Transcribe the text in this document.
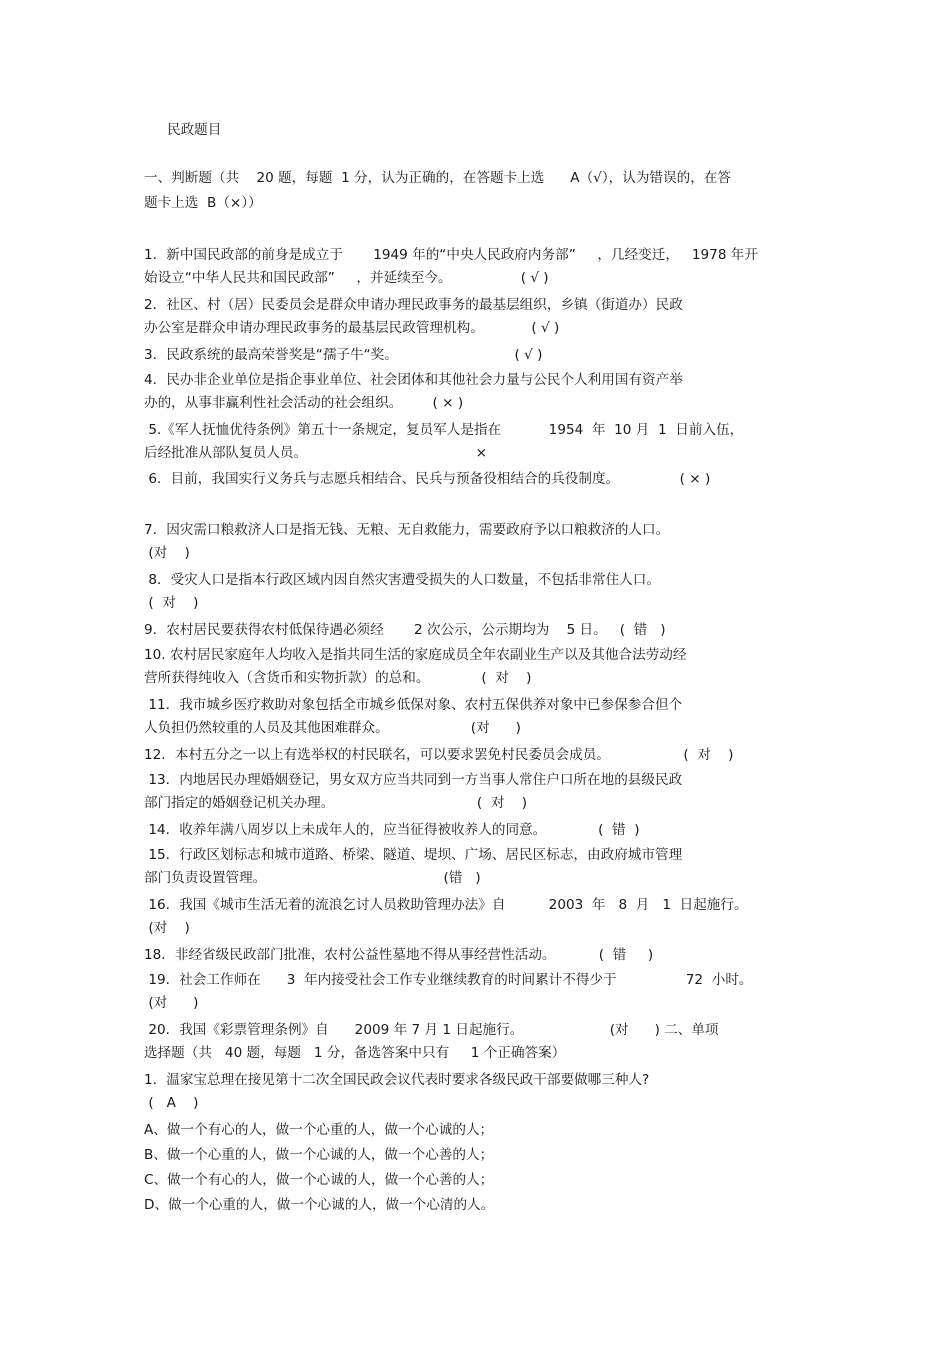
民政题目
一、判断题（共    20 题，每题  1 分，认为正确的，在答题卡上选      A（√），认为错误的，在答
题卡上选  B（×））
1．新中国民政部的前身是成立于       1949 年的“中央人民政府内务部”     ，几经变迁，   1978 年开
始设立“中华人民共和国民政部”     ，并延续至今。                ( √ )
2．社区、村（居）民委员会是群众申请办理民政事务的最基层组织，乡镇（街道办）民政
办公室是群众申请办理民政事务的最基层民政管理机构。           ( √ )
3．民政系统的最高荣誉奖是“孺子牛“奖。                           ( √ )
4．民办非企业单位是指企事业单位、社会团体和其他社会力量与公民个人利用国有资产举
办的，从事非赢利性社会活动的社会组织。       ( × )
5.《军人抚恤优待条例》第五十一条规定，复员军人是指在           1954  年  10 月  1  日前入伍，
后经批准从部队复员人员。                                       ×
6．目前，我国实行义务兵与志愿兵相结合、民兵与预备役相结合的兵役制度。              ( × )
7．因灾需口粮救济人口是指无钱、无粮、无自救能力，需要政府予以口粮救济的人口。
(对    )
8．受灾人口是指本行政区域内因自然灾害遭受损失的人口数量，不包括非常住人口。
(  对    )
9．农村居民要获得农村低保待遇必须经       2 次公示，公示期均为    5 日。   (  错   )
10. 农村居民家庭年人均收入是指共同生活的家庭成员全年农副业生产以及其他合法劳动经
营所获得纯收入（含货币和实物折款）的总和。            (  对    )
11．我市城乡医疗救助对象包括全市城乡低保对象、农村五保供养对象中已参保参合但个
人负担仍然较重的人员及其他困难群众。                   (对      )
12．本村五分之一以上有选举权的村民联名，可以要求罢免村民委员会成员。                 (  对    )
13．内地居民办理婚姻登记，男女双方应当共同到一方当事人常住户口所在地的县级民政
部门指定的婚姻登记机关办理。                                 (  对    )
14．收养年满八周岁以上未成年人的，应当征得被收养人的同意。            (  错  )
15．行政区划标志和城市道路、桥梁、隧道、堤坝、广场、居民区标志，由政府城市管理
部门负责设置管理。                                         (错   )
16．我国《城市生活无着的流浪乞讨人员救助管理办法》自          2003  年   8  月   1  日起施行。
(对    )
18．非经省级民政部门批准，农村公益性墓地不得从事经营性活动。          (  错     )
19．社会工作师在      3  年内接受社会工作专业继续教育的时间累计不得少于                72  小时。
(对      )
20．我国《彩票管理条例》自      2009 年 7 月 1 日起施行。                    (对      ) 二、单项
选择题（共   40 题，每题   1 分，备选答案中只有     1 个正确答案）
1．温家宝总理在接见第十二次全国民政会议代表时要求各级民政干部要做哪三种人?
(   A    )
A、做一个有心的人，做一个心重的人，做一个心诚的人；
B、做一个心重的人，做一个心诚的人，做一个心善的人；
C、做一个有心的人，做一个心诚的人，做一个心善的人；
D、做一个心重的人，做一个心诚的人，做一个心清的人。
